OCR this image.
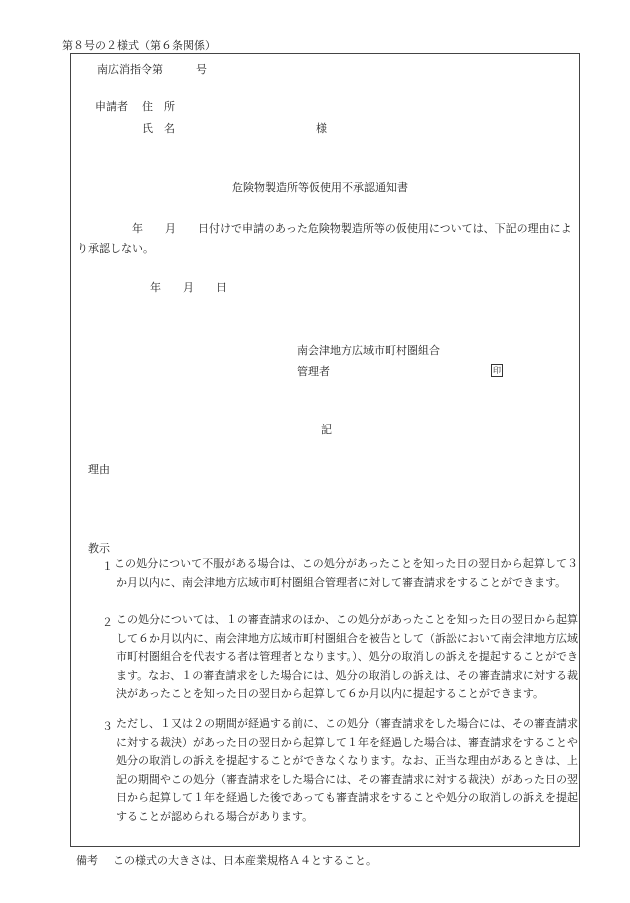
第８号の２様式（第６条関係）
南広消指令第　　　号
申請者 住　所
氏　名	様
危険物製造所等仮使用不承認通知書
　　　　　年　　月　　日付けで申請のあった危険物製造所等の仮使用については、下記の理由により承認しない。
年　　月　　日
南会津地方広域市町村圏組合
管理者	印
記
理由
教示
１ この処分について不服がある場合は、この処分があったことを知った日の翌日から起算して３か月以内に、南会津地方広域市町村圏組合管理者に対して審査請求をすることができます。
２ この処分については、１の審査請求のほか、この処分があったことを知った日の翌日から起算して６か月以内に、南会津地方広域市町村圏組合を被告として（訴訟において南会津地方広域市町村圏組合を代表する者は管理者となります。）、処分の取消しの訴えを提起することができます。なお、１の審査請求をした場合には、処分の取消しの訴えは、その審査請求に対する裁決があったことを知った日の翌日から起算して６か月以内に提起することができます。
３ ただし、１又は２の期間が経過する前に、この処分（審査請求をした場合には、その審査請求に対する裁決）があった日の翌日から起算して１年を経過した場合は、審査請求をすることや処分の取消しの訴えを提起することができなくなります。なお、正当な理由があるときは、上記の期間やこの処分（審査請求をした場合には、その審査請求に対する裁決）があった日の翌日から起算して１年を経過した後であっても審査請求をすることや処分の取消しの訴えを提起することが認められる場合があります。
備考 この様式の大きさは、日本産業規格Ａ４とすること。
